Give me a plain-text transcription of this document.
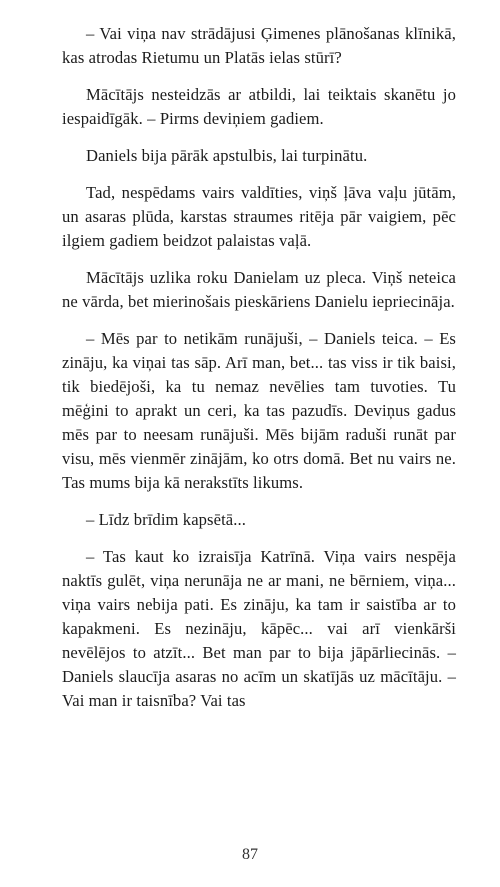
– Vai viņa nav strādājusi Ģimenes plānošanas klīnikā, kas atrodas Rietumu un Platās ielas stūrī?

Mācītājs nesteidzās ar atbildi, lai teiktais skanētu jo iespaidīgāk. – Pirms deviņiem gadiem.

Daniels bija pārāk apstulbis, lai turpinātu.

Tad, nespēdams vairs valdīties, viņš ļāva vaļu jūtām, un asaras plūda, karstas straumes ritēja pār vaigiem, pēc ilgiem gadiem beidzot palaistas vaļā.

Mācītājs uzlika roku Danielam uz pleca. Viņš neteica ne vārda, bet mierinošais pieskāriens Danielu iepriecināja.

– Mēs par to netikām runājuši, – Daniels teica. – Es zināju, ka viņai tas sāp. Arī man, bet... tas viss ir tik baisi, tik biedējoši, ka tu nemaz nevēlies tam tuvoties. Tu mēģini to aprakt un ceri, ka tas pazudīs. Deviņus gadus mēs par to neesam runājuši. Mēs bijām raduši runāt par visu, mēs vienmēr zinājām, ko otrs domā. Bet nu vairs ne. Tas mums bija kā nerakstīts likums.

– Līdz brīdim kapsētā...

– Tas kaut ko izraisīja Katrīnā. Viņa vairs nespēja naktīs gulēt, viņa nerunāja ne ar mani, ne bērniem, viņa... viņa vairs nebija pati. Es zināju, ka tam ir saistība ar to kapakmeni. Es nezināju, kāpēc... vai arī vienkārši nevēlējos to atzīt... Bet man par to bija jāpārliecinās. – Daniels slaucīja asaras no acīm un skatījās uz mācītāju. – Vai man ir taisnība? Vai tas

87
